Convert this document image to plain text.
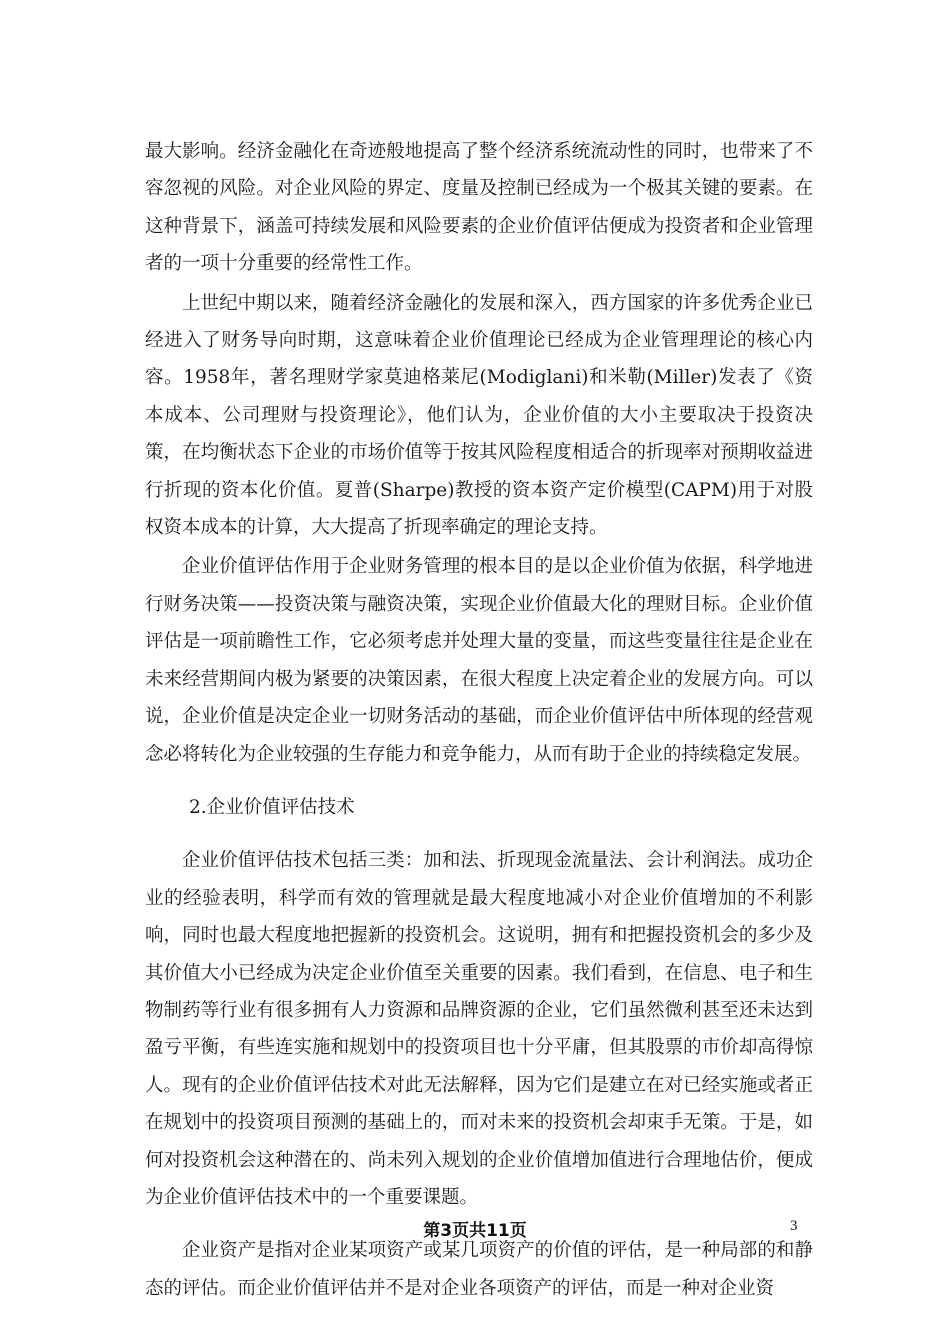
最大影响。经济金融化在奇迹般地提高了整个经济系统流动性的同时，也带来了不容忽视的风险。对企业风险的界定、度量及控制已经成为一个极其关键的要素。在这种背景下，涵盖可持续发展和风险要素的企业价值评估便成为投资者和企业管理者的一项十分重要的经常性工作。

上世纪中期以来，随着经济金融化的发展和深入，西方国家的许多优秀企业已经进入了财务导向时期，这意味着企业价值理论已经成为企业管理理论的核心内容。1958年，著名理财学家莫迪格莱尼(Modiglani)和米勒(Miller)发表了《资本成本、公司理财与投资理论》，他们认为，企业价值的大小主要取决于投资决策，在均衡状态下企业的市场价值等于按其风险程度相适合的折现率对预期收益进行折现的资本化价值。夏普(Sharpe)教授的资本资产定价模型(CAPM)用于对股权资本成本的计算，大大提高了折现率确定的理论支持。

企业价值评估作用于企业财务管理的根本目的是以企业价值为依据，科学地进行财务决策——投资决策与融资决策，实现企业价值最大化的理财目标。企业价值评估是一项前瞻性工作，它必须考虑并处理大量的变量，而这些变量往往是企业在未来经营期间内极为紧要的决策因素，在很大程度上决定着企业的发展方向。可以说，企业价值是决定企业一切财务活动的基础，而企业价值评估中所体现的经营观念必将转化为企业较强的生存能力和竞争能力，从而有助于企业的持续稳定发展。

2.企业价值评估技术

企业价值评估技术包括三类：加和法、折现现金流量法、会计利润法。成功企业的经验表明，科学而有效的管理就是最大程度地减小对企业价值增加的不利影响，同时也最大程度地把握新的投资机会。这说明，拥有和把握投资机会的多少及其价值大小已经成为决定企业价值至关重要的因素。我们看到，在信息、电子和生物制药等行业有很多拥有人力资源和品牌资源的企业，它们虽然微利甚至还未达到盈亏平衡，有些连实施和规划中的投资项目也十分平庸，但其股票的市价却高得惊人。现有的企业价值评估技术对此无法解释，因为它们是建立在对已经实施或者正在规划中的投资项目预测的基础上的，而对未来的投资机会却束手无策。于是，如何对投资机会这种潜在的、尚未列入规划的企业价值增加值进行合理地估价，便成为企业价值评估技术中的一个重要课题。

企业资产是指对企业某项资产或某几项资产的价值的评估，是一种局部的和静态的评估。而企业价值评估并不是对企业各项资产的评估，而是一种对企业资

第3页共11页	3
